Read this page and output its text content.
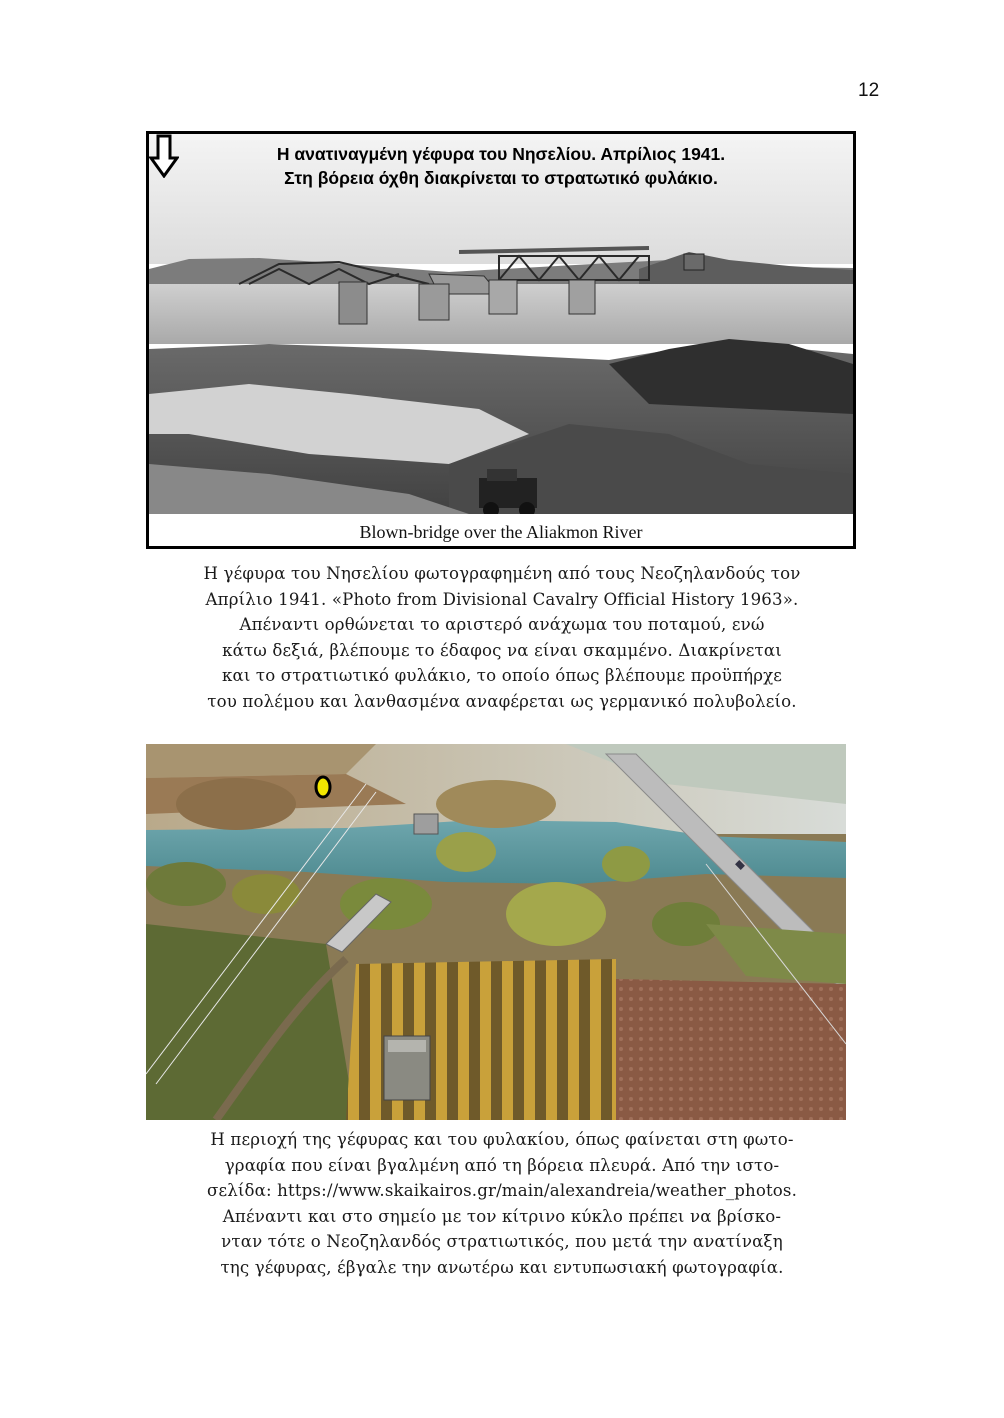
12
Η ανατιναγμένη γέφυρα του Νησελίου. Απρίλιος 1941.
Στη βόρεια όχθη διακρίνεται το στρατωτικό φυλάκιο.
Blown-bridge over the Aliakmon River
Η γέφυρα του Νησελίου φωτογραφημένη από τους Νεοζηλανδούς τον
Απρίλιο 1941. «Photo from Divisional Cavalry Official History 1963».
Απέναντι ορθώνεται το αριστερό ανάχωμα του ποταμού, ενώ
κάτω δεξιά, βλέπουμε το έδαφος να είναι σκαμμένο. Διακρίνεται
και το στρατιωτικό φυλάκιο, το οποίο όπως βλέπουμε προϋπήρχε
του πολέμου και λανθασμένα αναφέρεται ως γερμανικό πολυβολείο.
Η περιοχή της γέφυρας και του φυλακίου, όπως φαίνεται στη φωτο-
γραφία που είναι βγαλμένη από τη βόρεια πλευρά. Από την ιστο-
σελίδα: https://www.skaikairos.gr/main/alexandreia/weather_photos.
Απέναντι και στο σημείο με τον κίτρινο κύκλο πρέπει να βρίσκο-
νταν τότε ο Νεοζηλανδός στρατιωτικός, που μετά την ανατίναξη
της γέφυρας, έβγαλε την ανωτέρω και εντυπωσιακή φωτογραφία.
